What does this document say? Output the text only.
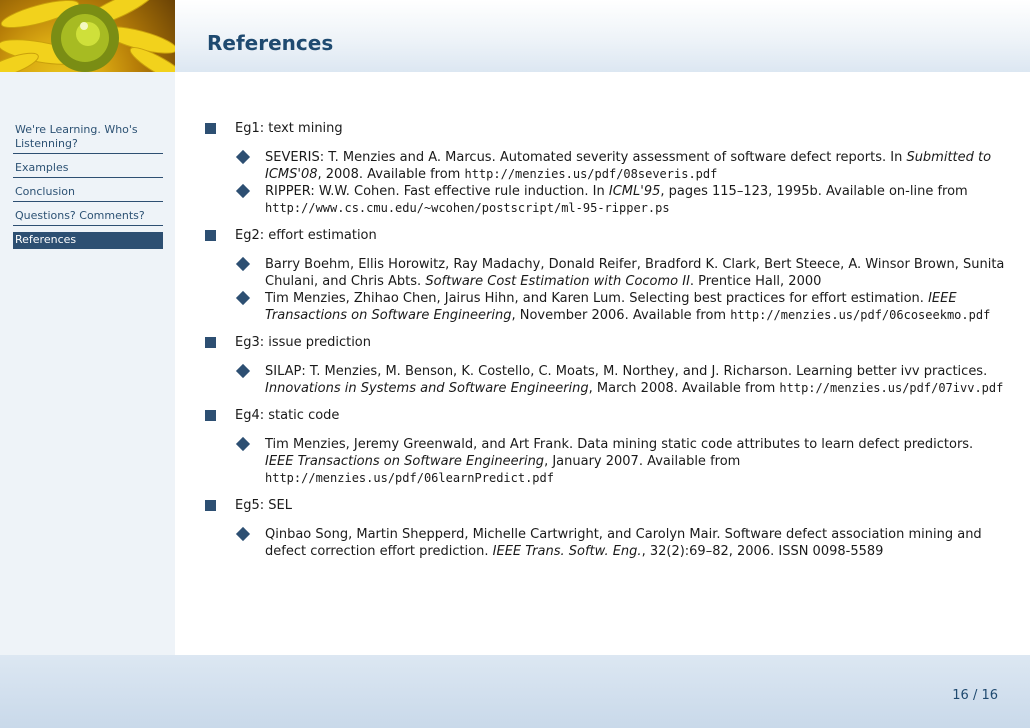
References
We're Learning. Who's Listenning?
Examples
Conclusion
Questions? Comments?
References
Eg1: text mining
SEVERIS: T. Menzies and A. Marcus. Automated severity assessment of software defect reports. In Submitted to ICMS'08, 2008. Available from http://menzies.us/pdf/08severis.pdf
RIPPER: W.W. Cohen. Fast effective rule induction. In ICML'95, pages 115–123, 1995b. Available on-line from http://www.cs.cmu.edu/~wcohen/postscript/ml-95-ripper.ps
Eg2: effort estimation
Barry Boehm, Ellis Horowitz, Ray Madachy, Donald Reifer, Bradford K. Clark, Bert Steece, A. Winsor Brown, Sunita Chulani, and Chris Abts. Software Cost Estimation with Cocomo II. Prentice Hall, 2000
Tim Menzies, Zhihao Chen, Jairus Hihn, and Karen Lum. Selecting best practices for effort estimation. IEEE Transactions on Software Engineering, November 2006. Available from http://menzies.us/pdf/06coseekmo.pdf
Eg3: issue prediction
SILAP: T. Menzies, M. Benson, K. Costello, C. Moats, M. Northey, and J. Richarson. Learning better ivv practices. Innovations in Systems and Software Engineering, March 2008. Available from http://menzies.us/pdf/07ivv.pdf
Eg4: static code
Tim Menzies, Jeremy Greenwald, and Art Frank. Data mining static code attributes to learn defect predictors. IEEE Transactions on Software Engineering, January 2007. Available from http://menzies.us/pdf/06learnPredict.pdf
Eg5: SEL
Qinbao Song, Martin Shepperd, Michelle Cartwright, and Carolyn Mair. Software defect association mining and defect correction effort prediction. IEEE Trans. Softw. Eng., 32(2):69–82, 2006. ISSN 0098-5589
16 / 16
